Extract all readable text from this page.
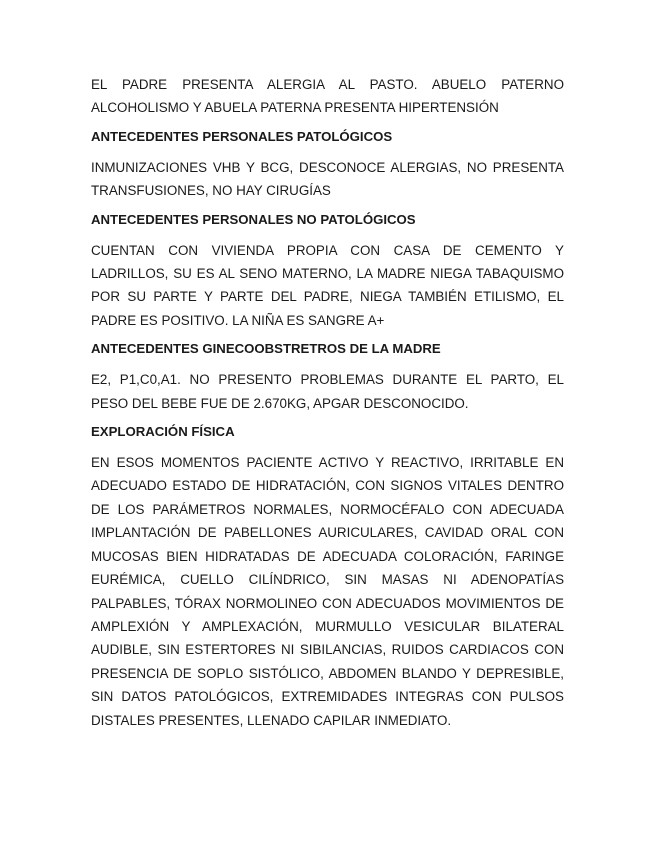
EL PADRE PRESENTA ALERGIA AL PASTO. ABUELO PATERNO ALCOHOLISMO Y ABUELA PATERNA PRESENTA HIPERTENSIÓN

ANTECEDENTES PERSONALES PATOLÓGICOS

INMUNIZACIONES VHB Y BCG, DESCONOCE ALERGIAS, NO PRESENTA TRANSFUSIONES, NO HAY CIRUGÍAS

ANTECEDENTES PERSONALES NO PATOLÓGICOS

CUENTAN CON VIVIENDA PROPIA CON CASA DE CEMENTO Y LADRILLOS, SU ES AL SENO MATERNO, LA MADRE NIEGA TABAQUISMO POR SU PARTE Y PARTE DEL PADRE, NIEGA TAMBIÉN ETILISMO, EL PADRE ES POSITIVO. LA NIÑA ES SANGRE A+

ANTECEDENTES GINECOOBSTRETROS DE LA MADRE

E2, P1,C0,A1. NO PRESENTO PROBLEMAS DURANTE EL PARTO, EL PESO DEL BEBE FUE DE 2.670KG, APGAR DESCONOCIDO.

EXPLORACIÓN FÍSICA

EN ESOS MOMENTOS PACIENTE ACTIVO Y REACTIVO, IRRITABLE EN ADECUADO ESTADO DE HIDRATACIÓN, CON SIGNOS VITALES DENTRO DE LOS PARÁMETROS NORMALES, NORMOCÉFALO CON ADECUADA IMPLANTACIÓN DE PABELLONES AURICULARES, CAVIDAD ORAL CON MUCOSAS BIEN HIDRATADAS DE ADECUADA COLORACIÓN, FARINGE EURÉMICA, CUELLO CILÍNDRICO, SIN MASAS NI ADENOPATÍAS PALPABLES, TÓRAX NORMOLINEO CON ADECUADOS MOVIMIENTOS DE AMPLEXIÓN Y AMPLEXACIÓN, MURMULLO VESICULAR BILATERAL AUDIBLE, SIN ESTERTORES NI SIBILANCIAS, RUIDOS CARDIACOS CON PRESENCIA DE SOPLO SISTÓLICO, ABDOMEN BLANDO Y DEPRESIBLE, SIN DATOS PATOLÓGICOS, EXTREMIDADES INTEGRAS CON PULSOS DISTALES PRESENTES, LLENADO CAPILAR INMEDIATO.
